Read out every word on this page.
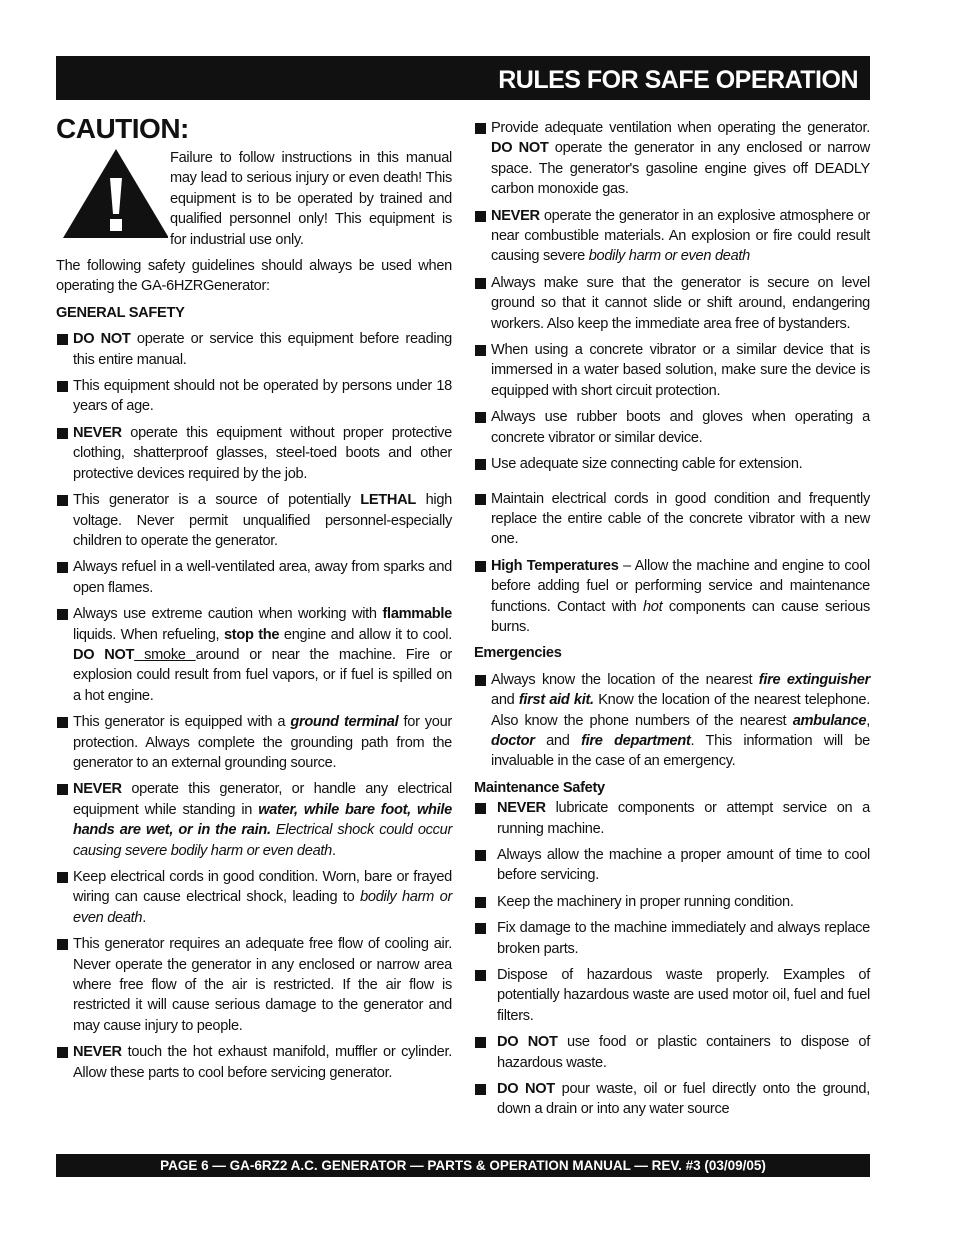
RULES FOR SAFE OPERATION
CAUTION:

Failure to follow instructions in this manual may lead to serious injury or even death! This equipment is to be operated by trained and qualified personnel only! This equipment is for industrial use only.

The following safety guidelines should always be used when operating the GA-6HZRGenerator:

GENERAL SAFETY

DO NOT operate or service this equipment before reading this entire manual.
This equipment should not be operated by persons under 18 years of age.
NEVER operate this equipment without proper protective clothing, shatterproof glasses, steel-toed boots and other protective devices required by the job.
This generator is a source of potentially LETHAL high voltage. Never permit unqualified personnel-especially children to operate the generator.
Always refuel in a well-ventilated area, away from sparks and open flames.
Always use extreme caution when working with flammable liquids. When refueling, stop the engine and allow it to cool. DO NOT smoke around or near the machine. Fire or explosion could result from fuel vapors, or if fuel is spilled on a hot engine.
This generator is equipped with a ground terminal for your protection. Always complete the grounding path from the generator to an external grounding source.
NEVER operate this generator, or handle any electrical equipment while standing in water, while bare foot, while hands are wet, or in the rain. Electrical shock could occur causing severe bodily harm or even death.
Keep electrical cords in good condition. Worn, bare or frayed wiring can cause electrical shock, leading to bodily harm or even death.
This generator requires an adequate free flow of cooling air. Never operate the generator in any enclosed or narrow area where free flow of the air is restricted. If the air flow is restricted it will cause serious damage to the generator and may cause injury to people.
NEVER touch the hot exhaust manifold, muffler or cylinder. Allow these parts to cool before servicing generator.
Provide adequate ventilation when operating the generator. DO NOT operate the generator in any enclosed or narrow space. The generator's gasoline engine gives off DEADLY carbon monoxide gas.
NEVER operate the generator in an explosive atmosphere or near combustible materials. An explosion or fire could result causing severe bodily harm or even death
Always make sure that the generator is secure on level ground so that it cannot slide or shift around, endangering workers. Also keep the immediate area free of bystanders.
When using a concrete vibrator or a similar device that is immersed in a water based solution, make sure the device is equipped with short circuit protection.
Always use rubber boots and gloves when operating a concrete vibrator or similar device.
Use adequate size connecting cable for extension.
Maintain electrical cords in good condition and frequently replace the entire cable of the concrete vibrator with a new one.
High Temperatures – Allow the machine and engine to cool before adding fuel or performing service and maintenance functions. Contact with hot components can cause serious burns.

Emergencies

Always know the location of the nearest fire extinguisher and first aid kit. Know the location of the nearest telephone. Also know the phone numbers of the nearest ambulance, doctor and fire department. This information will be invaluable in the case of an emergency.

Maintenance Safety

NEVER lubricate components or attempt service on a running machine.
Always allow the machine a proper amount of time to cool before servicing.
Keep the machinery in proper running condition.
Fix damage to the machine immediately and always replace broken parts.
Dispose of hazardous waste properly. Examples of potentially hazardous waste are used motor oil, fuel and fuel filters.
DO NOT use food or plastic containers to dispose of hazardous waste.
DO NOT pour waste, oil or fuel directly onto the ground, down a drain or into any water source
PAGE 6 — GA-6RZ2 A.C. GENERATOR — PARTS & OPERATION MANUAL — REV. #3 (03/09/05)
